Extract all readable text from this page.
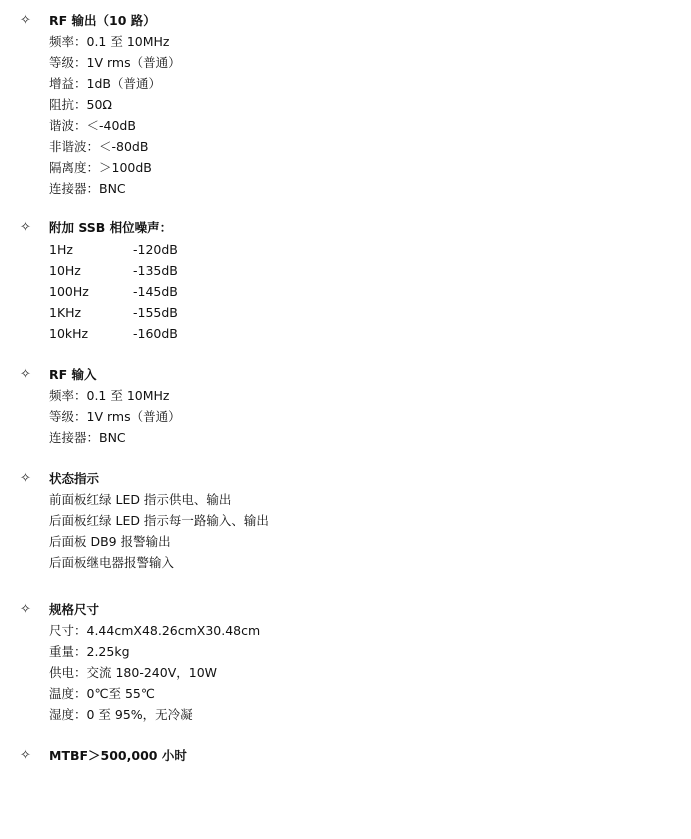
✧ RF 输出（10 路）
频率：0.1 至 10MHz
等级：1V rms（普通）
增益：1dB（普通）
阻抗：50Ω
谐波：＜-40dB
非谐波：＜-80dB
隔离度：＞100dB
连接器：BNC
✧ 附加 SSB 相位噪声：
1Hz	-120dB
10Hz	-135dB
100Hz	-145dB
1KHz	-155dB
10kHz	-160dB
✧ RF 输入
频率：0.1 至 10MHz
等级：1V rms（普通）
连接器：BNC
✧ 状态指示
前面板红绿 LED 指示供电、输出
后面板红绿 LED 指示每一路输入、输出
后面板 DB9 报警输出
后面板继电器报警输入
✧ 规格尺寸
尺寸：4.44cmX48.26cmX30.48cm
重量：2.25kg
供电：交流 180-240V，10W
温度：0℃至 55℃
湿度：0 至 95%，无冷凝
✧ MTBF＞500,000 小时
